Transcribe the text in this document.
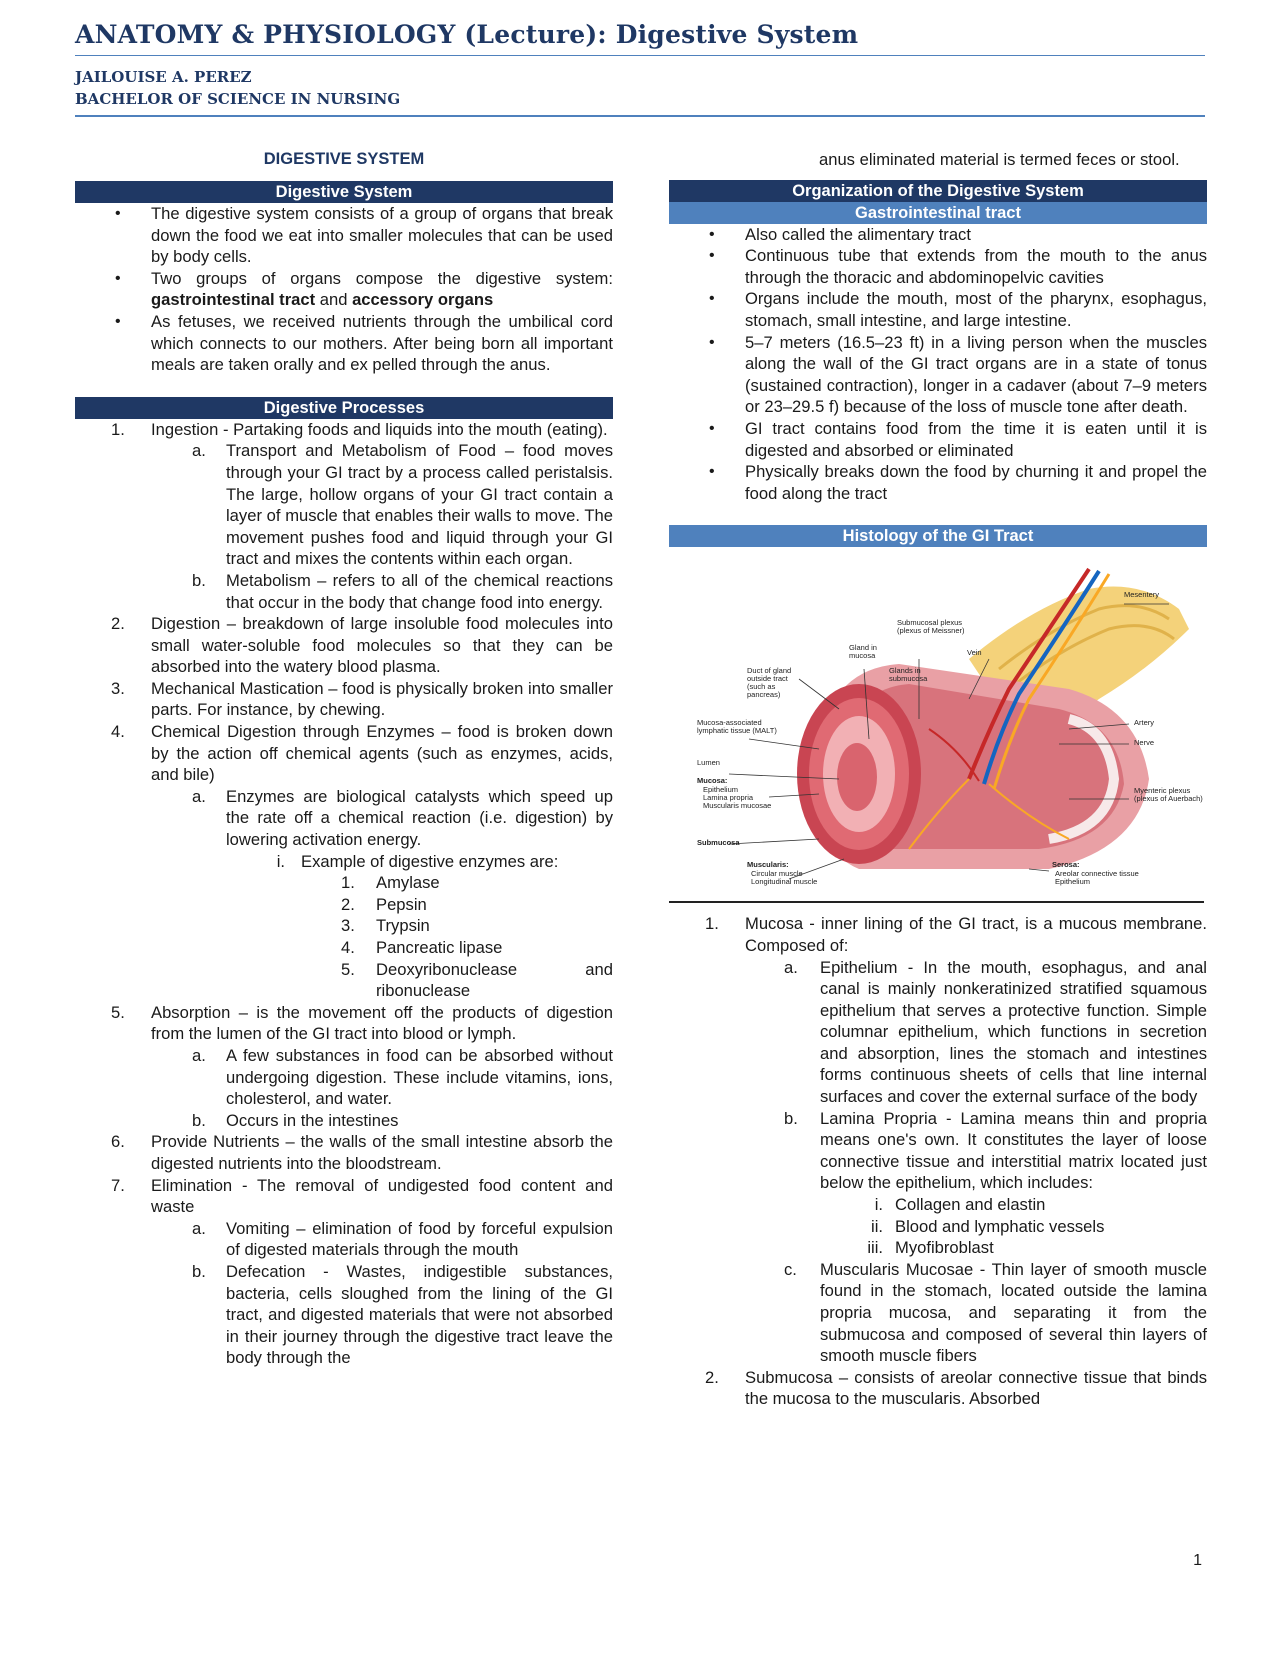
ANATOMY & PHYSIOLOGY (Lecture): Digestive System
JAILOUISE A. PEREZ
BACHELOR OF SCIENCE IN NURSING
DIGESTIVE SYSTEM
Digestive System
• The digestive system consists of a group of organs that break down the food we eat into smaller molecules that can be used by body cells.
• Two groups of organs compose the digestive system: gastrointestinal tract and accessory organs
• As fetuses, we received nutrients through the umbilical cord which connects to our mothers. After being born all important meals are taken orally and ex pelled through the anus.
Digestive Processes
1.	Ingestion - Partaking foods and liquids into the mouth (eating).
a. Transport and Metabolism of Food – food moves through your GI tract by a process called peristalsis. The large, hollow organs of your GI tract contain a layer of muscle that enables their walls to move. The movement pushes food and liquid through your GI tract and mixes the contents within each organ.
b. Metabolism – refers to all of the chemical reactions that occur in the body that change food into energy.
2.	Digestion – breakdown of large insoluble food molecules into small water-soluble food molecules so that they can be absorbed into the watery blood plasma.
3.	Mechanical Mastication – food is physically broken into smaller parts. For instance, by chewing.
4.	Chemical Digestion through Enzymes – food is broken down by the action off chemical agents (such as enzymes, acids, and bile)
a. Enzymes are biological catalysts which speed up the rate off a chemical reaction (i.e. digestion) by lowering activation energy.
i. Example of digestive enzymes are:
1. Amylase
2. Pepsin
3. Trypsin
4. Pancreatic lipase
5. Deoxyribonuclease and ribonuclease
5.	Absorption – is the movement off the products of digestion from the lumen of the GI tract into blood or lymph.
a. A few substances in food can be absorbed without undergoing digestion. These include vitamins, ions, cholesterol, and water.
b. Occurs in the intestines
6.	Provide Nutrients – the walls of the small intestine absorb the digested nutrients into the bloodstream.
7.	Elimination - The removal of undigested food content and waste
a. Vomiting – elimination of food by forceful expulsion of digested materials through the mouth
b. Defecation - Wastes, indigestible substances, bacteria, cells sloughed from the lining of the GI tract, and digested materials that were not absorbed in their journey through the digestive tract leave the body through the
anus eliminated material is termed feces or stool.
Organization of the Digestive System
Gastrointestinal tract
• Also called the alimentary tract
• Continuous tube that extends from the mouth to the anus through the thoracic and abdominopelvic cavities
• Organs include the mouth, most of the pharynx, esophagus, stomach, small intestine, and large intestine.
• 5–7 meters (16.5–23 ft) in a living person when the muscles along the wall of the GI tract organs are in a state of tonus (sustained contraction), longer in a cadaver (about 7–9 meters or 23–29.5 f) because of the loss of muscle tone after death.
• GI tract contains food from the time it is eaten until it is digested and absorbed or eliminated
• Physically breaks down the food by churning it and propel the food along the tract
Histology of the GI Tract
Mesentery
Submucosal plexus (plexus of Meissner)
Gland in mucosa	Vein
Duct of gland outside tract (such as pancreas)
Glands in submucosa
Mucosa-associated lymphatic tissue (MALT)
Artery
Nerve
Lumen
Mucosa:
Epithelium
Lamina propria
Muscularis mucosae
Myenteric plexus (plexus of Auerbach)
Submucosa
Muscularis:
Circular muscle
Longitudinal muscle
Serosa:
Areolar connective tissue
Epithelium
1. Mucosa - inner lining of the GI tract, is a mucous membrane. Composed of:
a. Epithelium - In the mouth, esophagus, and anal canal is mainly nonkeratinized stratified squamous epithelium that serves a protective function. Simple columnar epithelium, which functions in secretion and absorption, lines the stomach and intestines forms continuous sheets of cells that line internal surfaces and cover the external surface of the body
b. Lamina Propria - Lamina means thin and propria means one's own. It constitutes the layer of loose connective tissue and interstitial matrix located just below the epithelium, which includes:
i. Collagen and elastin
ii. Blood and lymphatic vessels
iii. Myofibroblast
c. Muscularis Mucosae - Thin layer of smooth muscle found in the stomach, located outside the lamina propria mucosa, and separating it from the submucosa and composed of several thin layers of smooth muscle fibers
2. Submucosa – consists of areolar connective tissue that binds the mucosa to the muscularis. Absorbed
1
